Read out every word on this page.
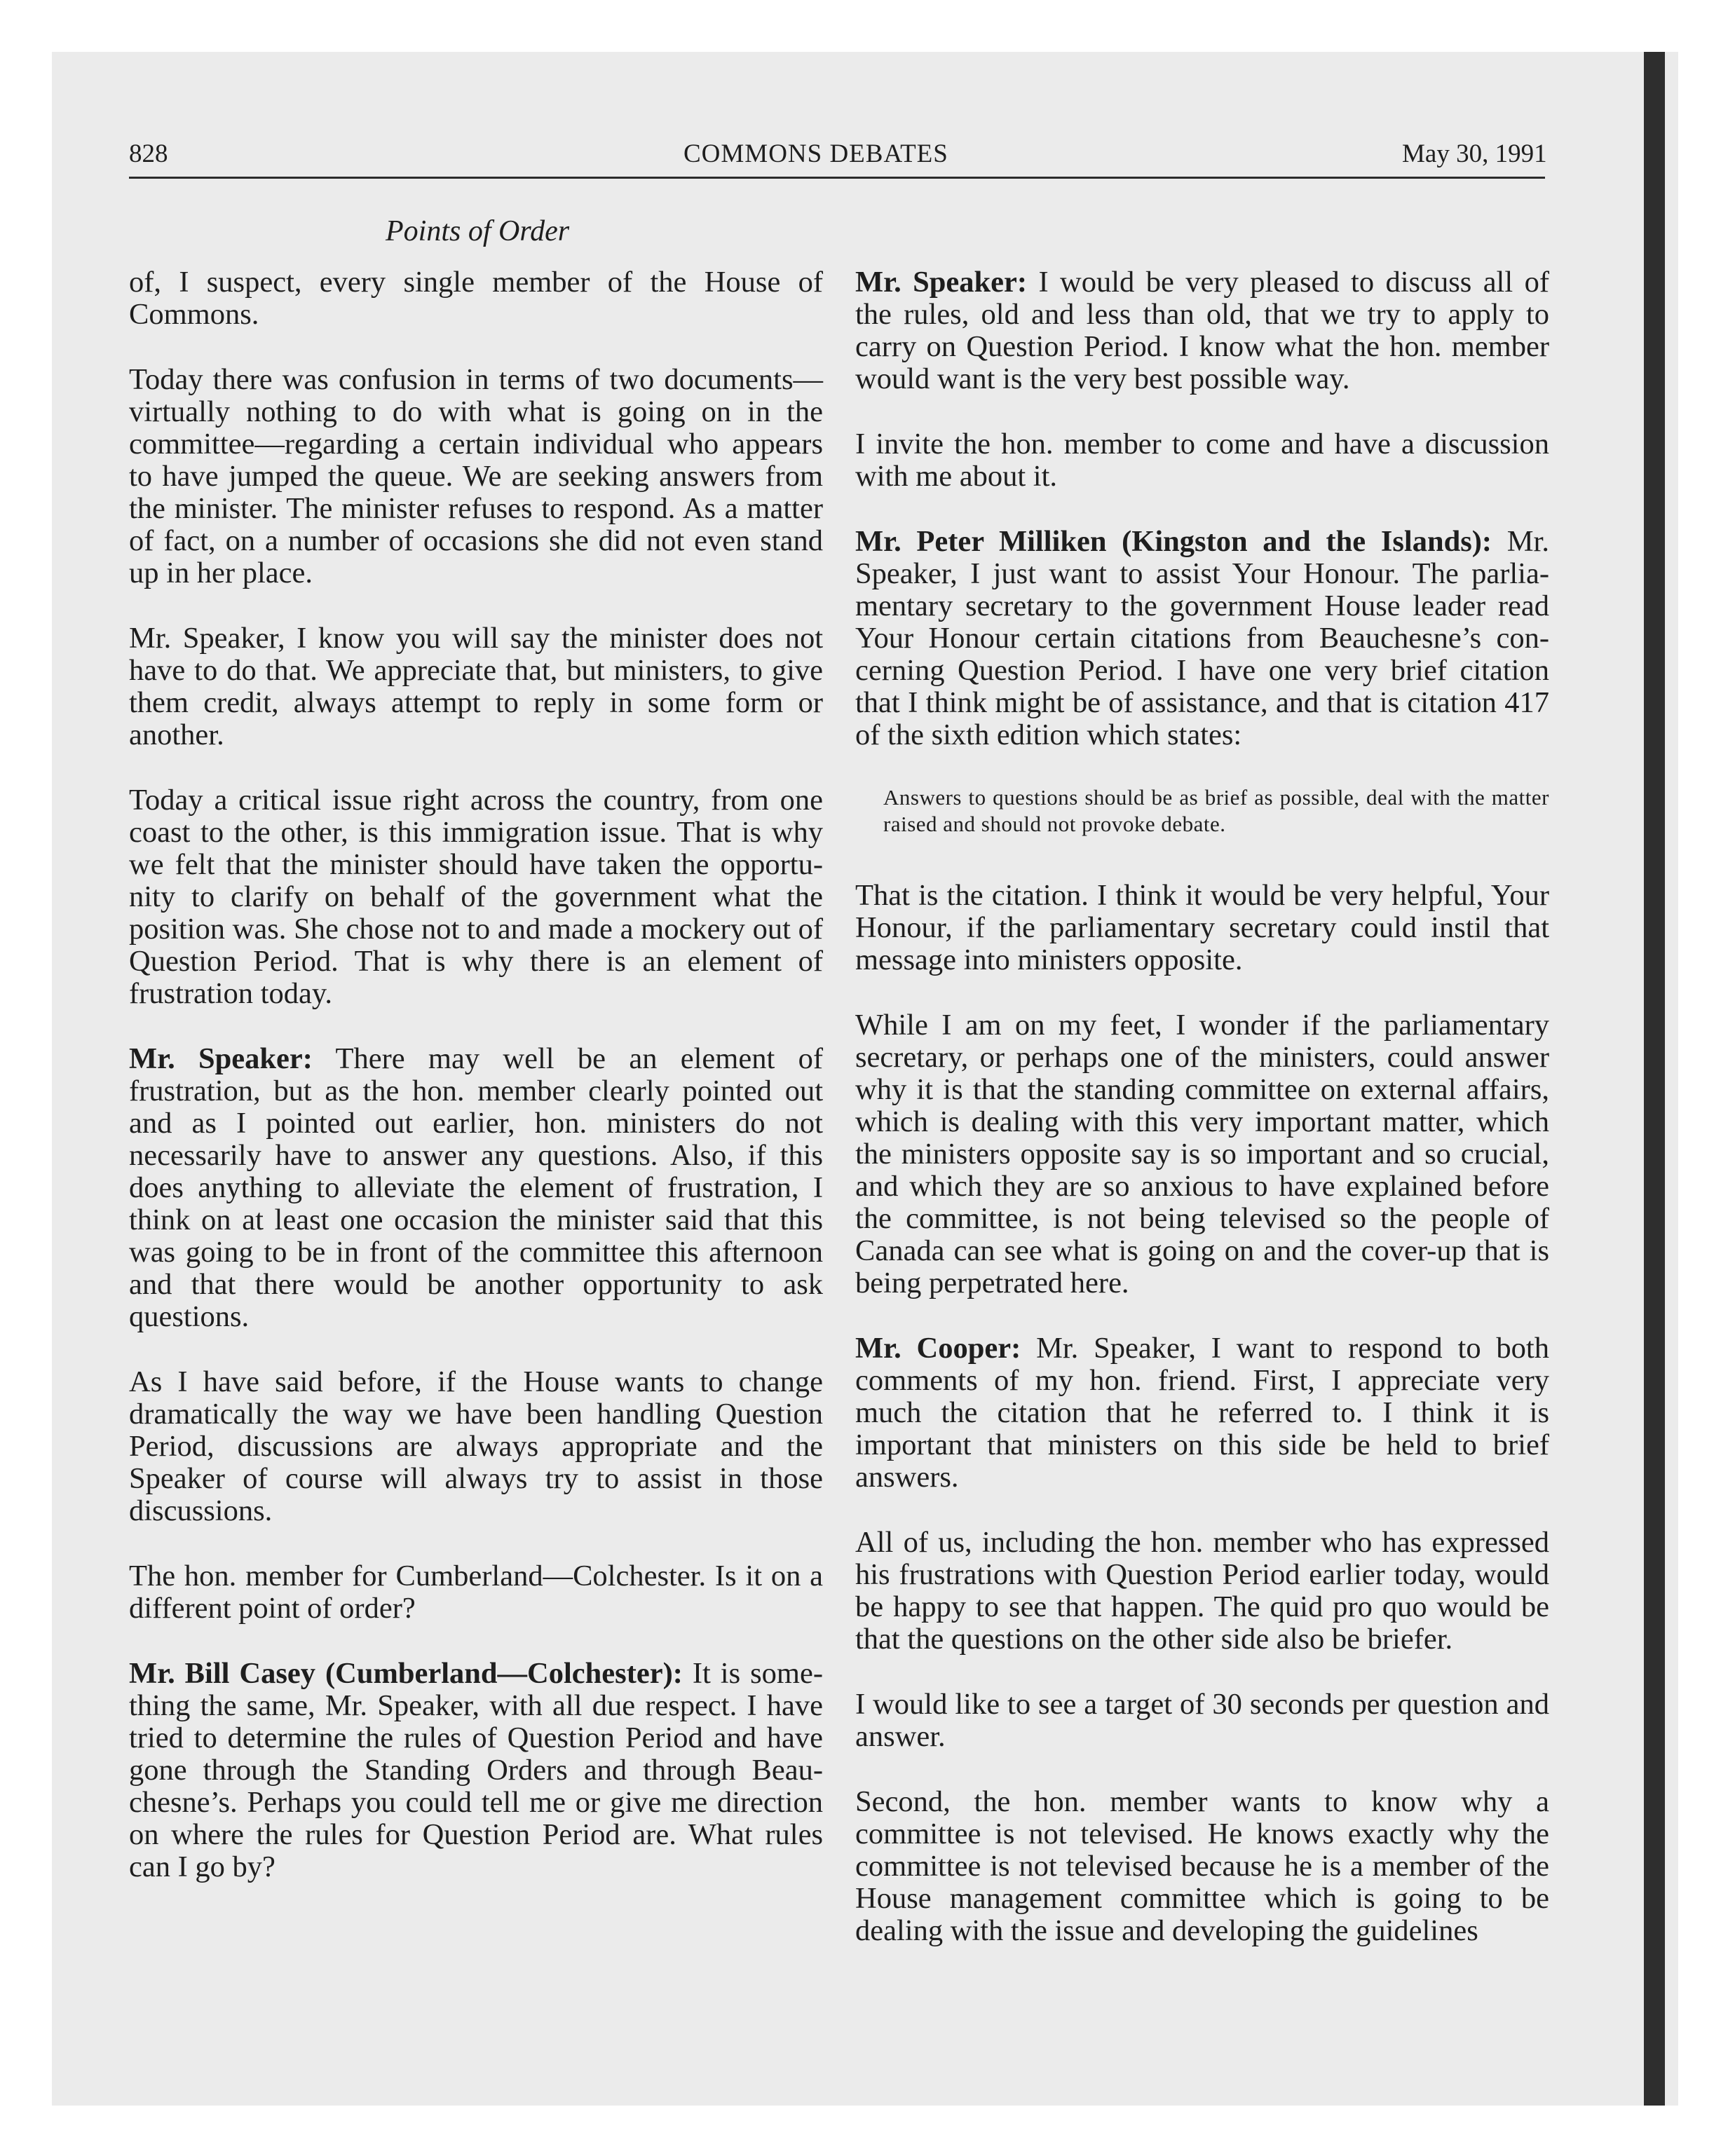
828	COMMONS DEBATES	May 30, 1991
Points of Order

of, I suspect, every single member of the House of Commons.

Today there was confusion in terms of two documents—virtually nothing to do with what is going on in the committee—regarding a certain individual who appears to have jumped the queue. We are seeking answers from the minister. The minister refuses to respond. As a matter of fact, on a number of occasions she did not even stand up in her place.

Mr. Speaker, I know you will say the minister does not have to do that. We appreciate that, but ministers, to give them credit, always attempt to reply in some form or another.

Today a critical issue right across the country, from one coast to the other, is this immigration issue. That is why we felt that the minister should have taken the opportunity to clarify on behalf of the government what the position was. She chose not to and made a mockery out of Question Period. That is why there is an element of frustration today.

Mr. Speaker: There may well be an element of frustration, but as the hon. member clearly pointed out and as I pointed out earlier, hon. ministers do not necessarily have to answer any questions. Also, if this does anything to alleviate the element of frustration, I think on at least one occasion the minister said that this was going to be in front of the committee this afternoon and that there would be another opportunity to ask questions.

As I have said before, if the House wants to change dramatically the way we have been handling Question Period, discussions are always appropriate and the Speaker of course will always try to assist in those discussions.

The hon. member for Cumberland—Colchester. Is it on a different point of order?

Mr. Bill Casey (Cumberland—Colchester): It is something the same, Mr. Speaker, with all due respect. I have tried to determine the rules of Question Period and have gone through the Standing Orders and through Beauchesne’s. Perhaps you could tell me or give me direction on where the rules for Question Period are. What rules can I go by?

Mr. Speaker: I would be very pleased to discuss all of the rules, old and less than old, that we try to apply to carry on Question Period. I know what the hon. member would want is the very best possible way.

I invite the hon. member to come and have a discussion with me about it.

Mr. Peter Milliken (Kingston and the Islands): Mr. Speaker, I just want to assist Your Honour. The parliamentary secretary to the government House leader read Your Honour certain citations from Beauchesne’s concerning Question Period. I have one very brief citation that I think might be of assistance, and that is citation 417 of the sixth edition which states:

Answers to questions should be as brief as possible, deal with the matter raised and should not provoke debate.

That is the citation. I think it would be very helpful, Your Honour, if the parliamentary secretary could instil that message into ministers opposite.

While I am on my feet, I wonder if the parliamentary secretary, or perhaps one of the ministers, could answer why it is that the standing committee on external affairs, which is dealing with this very important matter, which the ministers opposite say is so important and so crucial, and which they are so anxious to have explained before the committee, is not being televised so the people of Canada can see what is going on and the cover-up that is being perpetrated here.

Mr. Cooper: Mr. Speaker, I want to respond to both comments of my hon. friend. First, I appreciate very much the citation that he referred to. I think it is important that ministers on this side be held to brief answers.

All of us, including the hon. member who has expressed his frustrations with Question Period earlier today, would be happy to see that happen. The quid pro quo would be that the questions on the other side also be briefer.

I would like to see a target of 30 seconds per question and answer.

Second, the hon. member wants to know why a committee is not televised. He knows exactly why the committee is not televised because he is a member of the House management committee which is going to be dealing with the issue and developing the guidelines
